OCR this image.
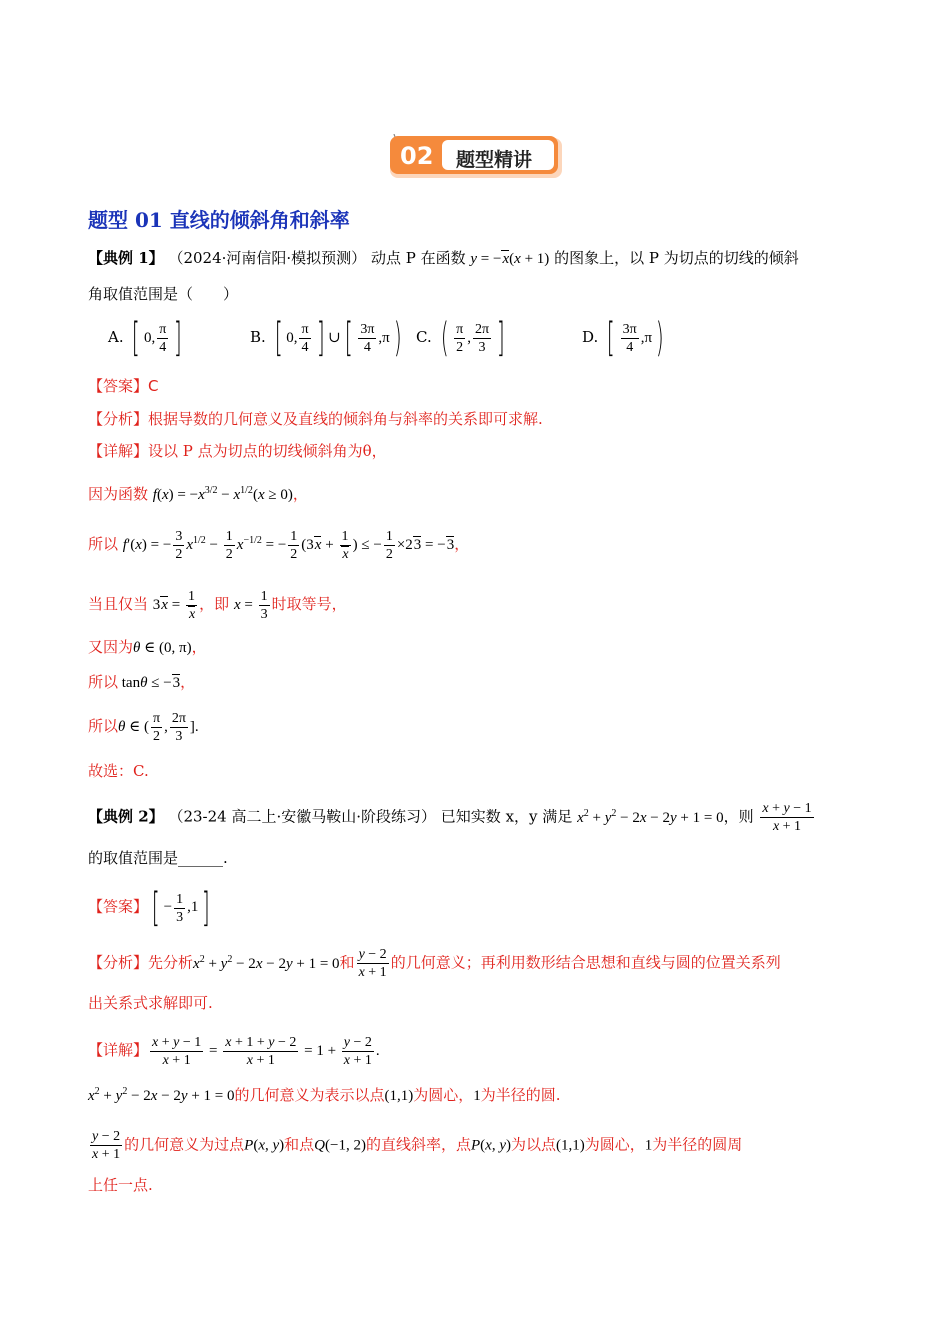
02 题型精讲
题型 01 直线的倾斜角和斜率
【典例 1】 （2024·河南信阳·模拟预测） 动点 P 在函数 y = −x(x + 1) 的图象上，以 P 为切点的切线的倾斜
角取值范围是（　　）
A. [ 0, $\frac{\pi}{4}$ ]	B. [ 0, $\frac{\pi}{4}$ ] ∪[ $\frac{3\pi}{4} ,\pi$) C. ( $\frac{\pi}{2}$ , $\frac{2\pi}{3}$ ]	D. [ $\frac{3\pi}{4} ,\pi$)
【答案】C
【分析】根据导数的几何意义及直线的倾斜角与斜率的关系即可求解.
【详解】设以 P 点为切点的切线倾斜角为θ，
因为函数 $f(x) = -x^{3/2} - x^{1/2}(x \ge 0)$，
所以 f′(x) = − $\frac{3}{2} x^{1/2} - \frac{1}{2} x^{-1/2}$ = − $\frac{1}{2} (3x + \frac{1}{x}$ ) ≤ − $\frac{1}{2} \times 23 = -3$，
当且仅当 $3x = \frac{1}{x}$ ，即 $x = \frac{1}{3}$ 时取等号，
又因为θ ∈ (0, π)，
所以 tanθ ≤ −3，
所以θ ∈ ( $\frac{\pi}{2}$ , $\frac{2\pi}{3}$ ].
故选：C.
【典例 2】 （23-24 高二上·安徽马鞍山·阶段练习） 已知实数 x，y 满足 $x^2 + y^2 - 2x - 2y + 1 = 0$，则 $\frac{x + y - 1}{x + 1}$
的取值范围是______.
【答案】[ − $\frac{1}{3} ,1$]
【分析】先分析$x^2 + y^2 - 2x - 2y + 1 = 0$和 $\frac{y - 2}{x + 1}$ 的几何意义；再利用数形结合思想和直线与圆的位置关系列
出关系式求解即可.
【详解】 $\frac{x + y - 1}{x + 1} = \frac{x + 1 + y - 2}{x + 1} = 1 + \frac{y - 2}{x + 1}$ .
$x^2 + y^2 - 2x - 2y + 1 = 0$的几何意义为表示以点(1,1)为圆心，1为半径的圆.
$\frac{y - 2}{x + 1}$ 的几何意义为过点P(x, y)和点Q(−1, 2)的直线斜率，点P(x, y)为以点(1,1)为圆心，1为半径的圆周
上任一点.
